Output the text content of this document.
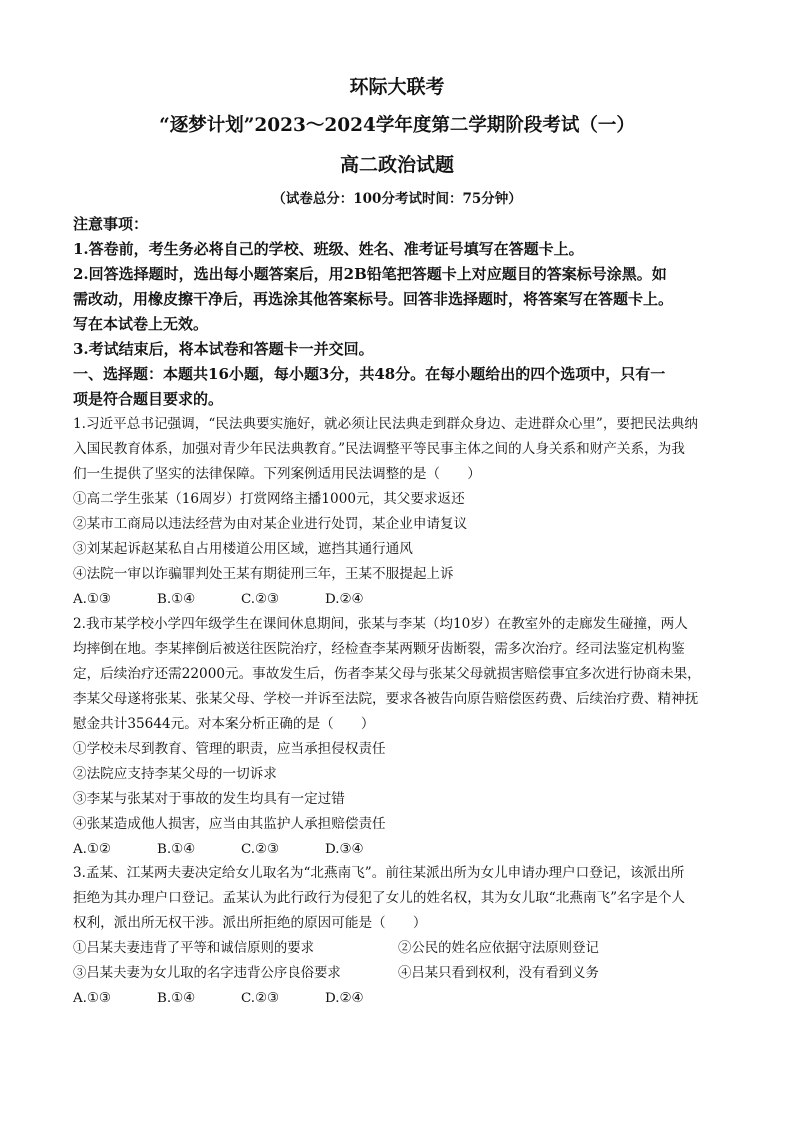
环际大联考
“逐梦计划”2023～2024学年度第二学期阶段考试（一）
高二政治试题
（试卷总分：100分考试时间：75分钟）
注意事项：
1.答卷前，考生务必将自己的学校、班级、姓名、准考证号填写在答题卡上。
2.回答选择题时，选出每小题答案后，用2B铅笔把答题卡上对应题目的答案标号涂黑。如
需改动，用橡皮擦干净后，再选涂其他答案标号。回答非选择题时，将答案写在答题卡上。
写在本试卷上无效。
3.考试结束后，将本试卷和答题卡一并交回。
一、选择题：本题共16小题，每小题3分，共48分。在每小题给出的四个选项中，只有一
项是符合题目要求的。
1.习近平总书记强调，“民法典要实施好，就必须让民法典走到群众身边、走进群众心里”，要把民法典纳
入国民教育体系，加强对青少年民法典教育。”民法调整平等民事主体之间的人身关系和财产关系，为我
们一生提供了坚实的法律保障。下列案例适用民法调整的是（　　）
①高二学生张某（16周岁）打赏网络主播1000元，其父要求返还
②某市工商局以违法经营为由对某企业进行处罚，某企业申请复议
③刘某起诉赵某私自占用楼道公用区域，遮挡其通行通风
④法院一审以诈骗罪判处王某有期徒刑三年，王某不服提起上诉
A.①③	B.①④	C.②③	D.②④
2.我市某学校小学四年级学生在课间休息期间，张某与李某（均10岁）在教室外的走廊发生碰撞，两人
均摔倒在地。李某摔倒后被送往医院治疗，经检查李某两颗牙齿断裂，需多次治疗。经司法鉴定机构鉴
定，后续治疗还需22000元。事故发生后，伤者李某父母与张某父母就损害赔偿事宜多次进行协商未果，
李某父母遂将张某、张某父母、学校一并诉至法院，要求各被告向原告赔偿医药费、后续治疗费、精神抚
慰金共计35644元。对本案分析正确的是（　　）
①学校未尽到教育、管理的职责，应当承担侵权责任
②法院应支持李某父母的一切诉求
③李某与张某对于事故的发生均具有一定过错
④张某造成他人损害，应当由其监护人承担赔偿责任
A.①②	B.①④	C.②③	D.③④
3.孟某、江某两夫妻决定给女儿取名为“北燕南飞”。前往某派出所为女儿申请办理户口登记，该派出所
拒绝为其办理户口登记。孟某认为此行政行为侵犯了女儿的姓名权，其为女儿取“北燕南飞”名字是个人
权利，派出所无权干涉。派出所拒绝的原因可能是（　　）
①吕某夫妻违背了平等和诚信原则的要求	②公民的姓名应依据守法原则登记
③吕某夫妻为女儿取的名字违背公序良俗要求	④吕某只看到权利，没有看到义务
A.①③	B.①④	C.②③	D.②④
